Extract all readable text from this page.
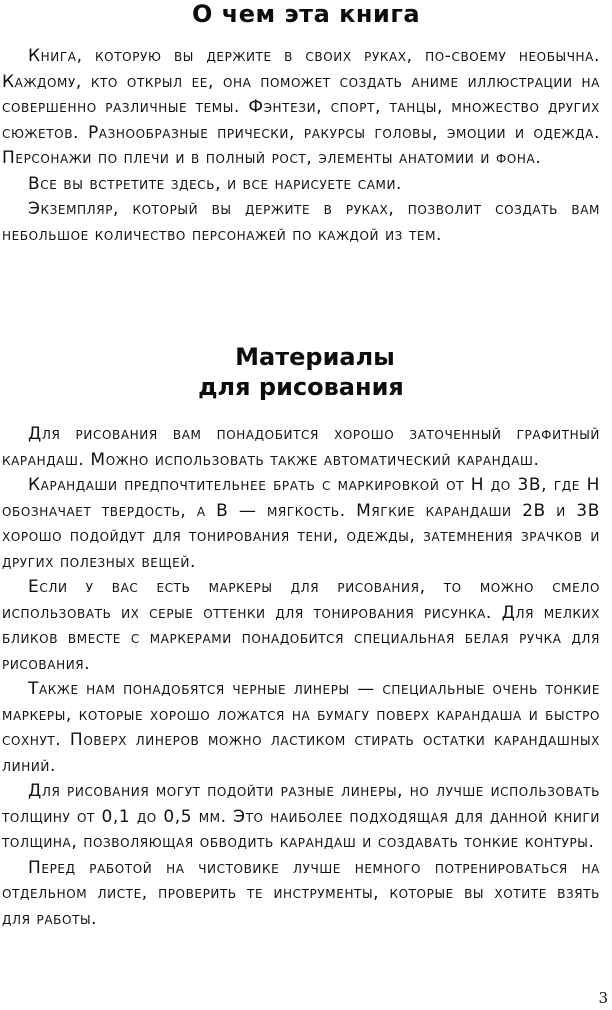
О чем эта книга

Книга, которую вы держите в своих руках, по-своему необычна. Каждому, кто открыл ее, она поможет создать аниме иллюстрации на совершенно различные темы. Фэнтези, спорт, танцы, множество других сюжетов. Разнообразные прически, ракурсы головы, эмоции и одежда. Персонажи по плечи и в полный рост, элементы анатомии и фона.

Все вы встретите здесь, и все нарисуете сами.

Экземпляр, который вы держите в руках, позволит создать вам небольшое количество персонажей по каждой из тем.

Материалы
для рисования

Для рисования вам понадобится хорошо заточенный графитный карандаш. Можно использовать также автоматический карандаш.

Карандаши предпочтительнее брать с маркировкой от H до 3B, где H обозначает твердость, а B — мягкость. Мягкие карандаши 2B и 3B хорошо подойдут для тонирования тени, одежды, затемнения зрачков и других полезных вещей.

Если у вас есть маркеры для рисования, то можно смело использовать их серые оттенки для тонирования рисунка. Для мелких бликов вместе с маркерами понадобится специальная белая ручка для рисования.

Также нам понадобятся черные линеры — специальные очень тонкие маркеры, которые хорошо ложатся на бумагу поверх карандаша и быстро сохнут. Поверх линеров можно ластиком стирать остатки карандашных линий.

Для рисования могут подойти разные линеры, но лучше использовать толщину от 0,1 до 0,5 мм. Это наиболее подходящая для данной книги толщина, позволяющая обводить карандаш и создавать тонкие контуры.

Перед работой на чистовике лучше немного потренироваться на отдельном листе, проверить те инструменты, которые вы хотите взять для работы.

3
